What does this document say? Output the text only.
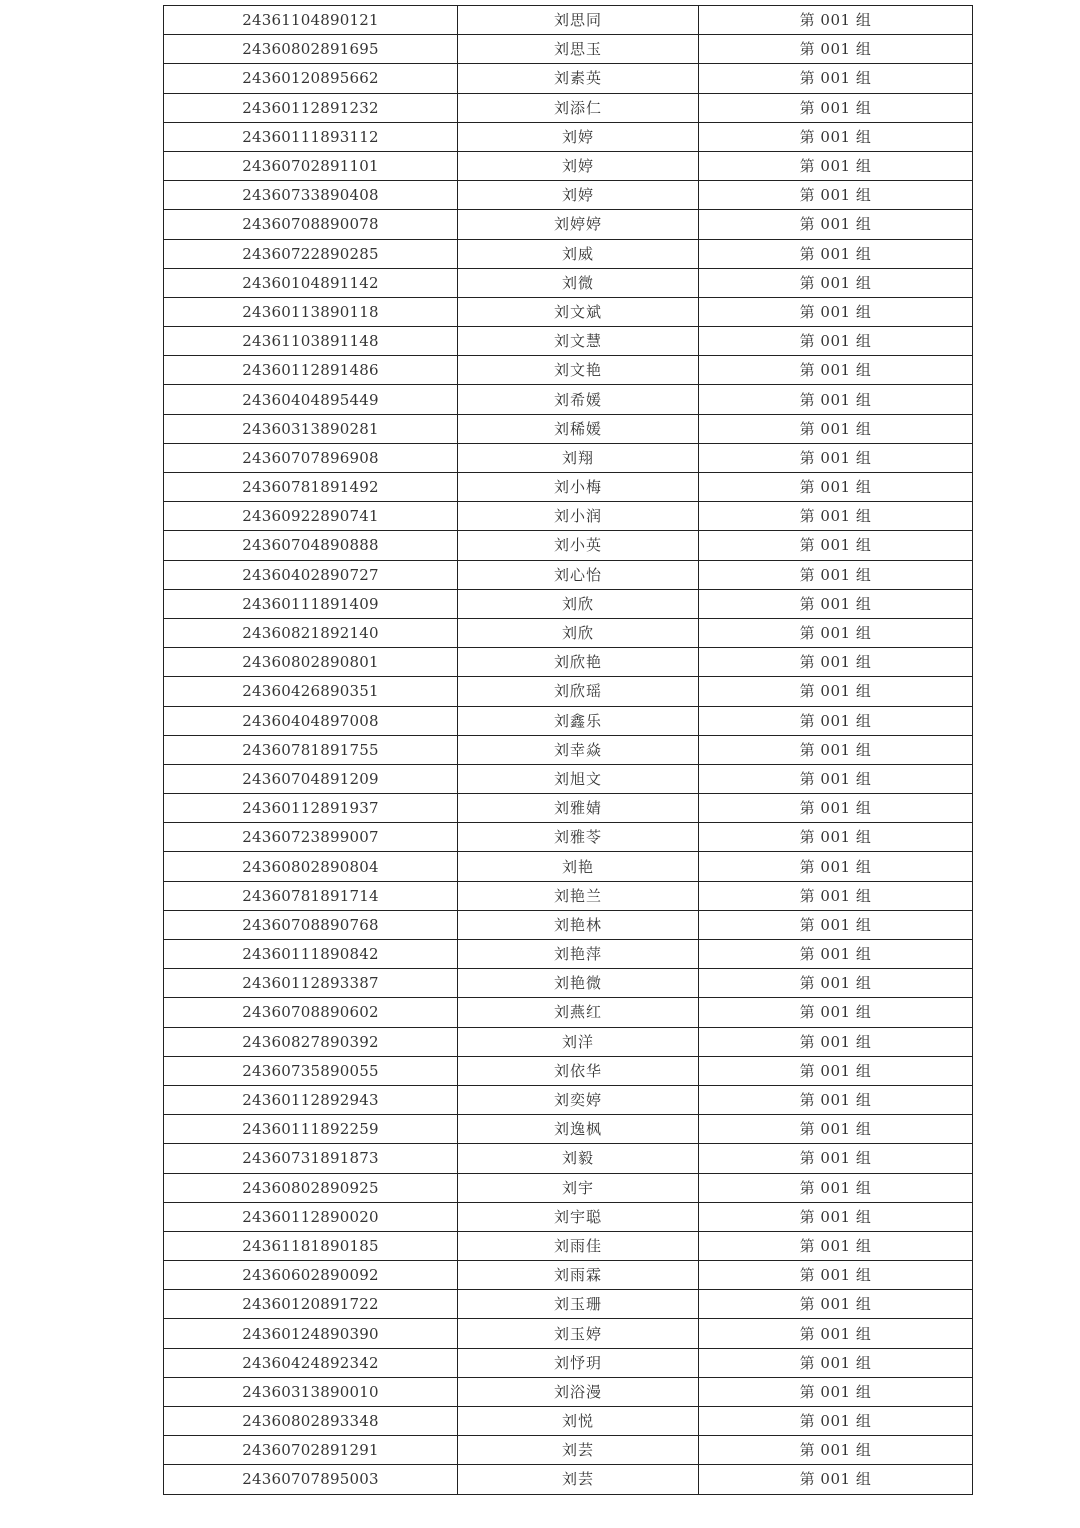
24361104890121	刘思同	第 001 组
24360802891695	刘思玉	第 001 组
24360120895662	刘素英	第 001 组
24360112891232	刘添仁	第 001 组
24360111893112	刘婷	第 001 组
24360702891101	刘婷	第 001 组
24360733890408	刘婷	第 001 组
24360708890078	刘婷婷	第 001 组
24360722890285	刘威	第 001 组
24360104891142	刘微	第 001 组
24360113890118	刘文斌	第 001 组
24361103891148	刘文慧	第 001 组
24360112891486	刘文艳	第 001 组
24360404895449	刘希媛	第 001 组
24360313890281	刘稀媛	第 001 组
24360707896908	刘翔	第 001 组
24360781891492	刘小梅	第 001 组
24360922890741	刘小润	第 001 组
24360704890888	刘小英	第 001 组
24360402890727	刘心怡	第 001 组
24360111891409	刘欣	第 001 组
24360821892140	刘欣	第 001 组
24360802890801	刘欣艳	第 001 组
24360426890351	刘欣瑶	第 001 组
24360404897008	刘鑫乐	第 001 组
24360781891755	刘幸焱	第 001 组
24360704891209	刘旭文	第 001 组
24360112891937	刘雅婧	第 001 组
24360723899007	刘雅苓	第 001 组
24360802890804	刘艳	第 001 组
24360781891714	刘艳兰	第 001 组
24360708890768	刘艳林	第 001 组
24360111890842	刘艳萍	第 001 组
24360112893387	刘艳微	第 001 组
24360708890602	刘燕红	第 001 组
24360827890392	刘洋	第 001 组
24360735890055	刘依华	第 001 组
24360112892943	刘奕婷	第 001 组
24360111892259	刘逸枫	第 001 组
24360731891873	刘毅	第 001 组
24360802890925	刘宇	第 001 组
24360112890020	刘宇聪	第 001 组
24361181890185	刘雨佳	第 001 组
24360602890092	刘雨霖	第 001 组
24360120891722	刘玉珊	第 001 组
24360124890390	刘玉婷	第 001 组
24360424892342	刘忬玥	第 001 组
24360313890010	刘浴漫	第 001 组
24360802893348	刘悦	第 001 组
24360702891291	刘芸	第 001 组
24360707895003	刘芸	第 001 组
